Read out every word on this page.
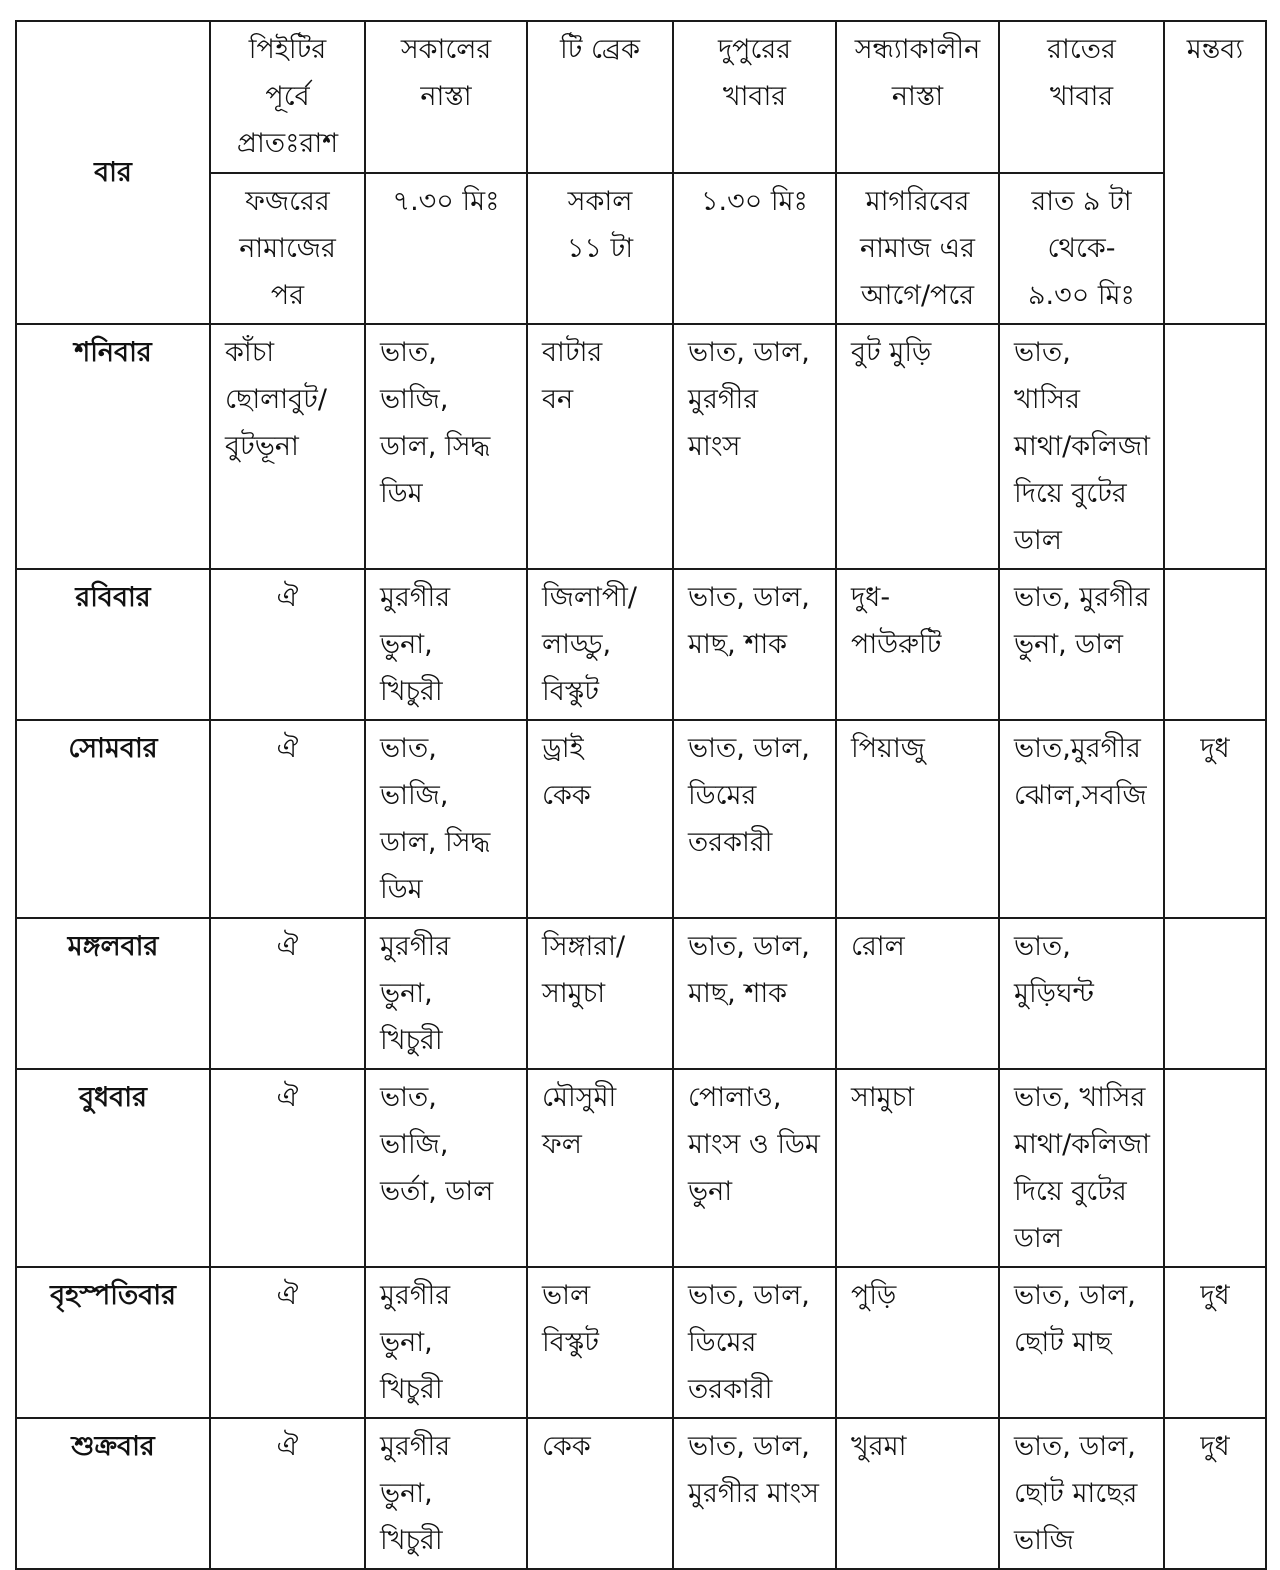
বার	পিইটির
পূর্বে
প্রাতঃরাশ	সকালের
নাস্তা	টি ব্রেক	দুপুরের
খাবার	সন্ধ্যাকালীন
নাস্তা	রাতের
খাবার	মন্তব্য

	ফজরের
নামাজের
পর	৭.৩০ মিঃ	সকাল
১১ টা	১.৩০ মিঃ	মাগরিবের
নামাজ এর
আগে/পরে	রাত ৯ টা
থেকে-
৯.৩০ মিঃ	

শনিবার	কাঁচা
ছোলাবুট/
বুটভূনা	ভাত,
ভাজি,
ডাল, সিদ্ধ
ডিম	বাটার
বন	ভাত, ডাল,
মুরগীর
মাংস	বুট মুড়ি	ভাত,
খাসির
মাথা/কলিজা
দিয়ে বুটের
ডাল	

রবিবার	ঐ	মুরগীর
ভুনা,
খিচুরী	জিলাপী/
লাড্ডু,
বিস্কুট	ভাত, ডাল,
মাছ, শাক	দুধ-
পাউরুটি	ভাত, মুরগীর
ভুনা, ডাল	

সোমবার	ঐ	ভাত,
ভাজি,
ডাল, সিদ্ধ
ডিম	ড্রাই
কেক	ভাত, ডাল,
ডিমের
তরকারী	পিয়াজু	ভাত,মুরগীর
ঝোল,সবজি	দুধ
মঙ্গলবার	ঐ	মুরগীর
ভুনা,
খিচুরী	সিঙ্গারা/
সামুচা	ভাত, ডাল,
মাছ, শাক	রোল	ভাত,
মুড়িঘন্ট	

বুধবার	ঐ	ভাত,
ভাজি,
ভর্তা, ডাল	মৌসুমী
ফল	পোলাও,
মাংস ও ডিম
ভুনা	সামুচা	ভাত, খাসির
মাথা/কলিজা
দিয়ে বুটের
ডাল	

বৃহস্পতিবার	ঐ	মুরগীর
ভুনা,
খিচুরী	ভাল
বিস্কুট	ভাত, ডাল,
ডিমের
তরকারী	পুড়ি	ভাত, ডাল,
ছোট মাছ	দুধ
শুক্রবার	ঐ	মুরগীর
ভুনা,
খিচুরী	কেক	ভাত, ডাল,
মুরগীর মাংস	খুরমা	ভাত, ডাল,
ছোট মাছের
ভাজি	দুধ
